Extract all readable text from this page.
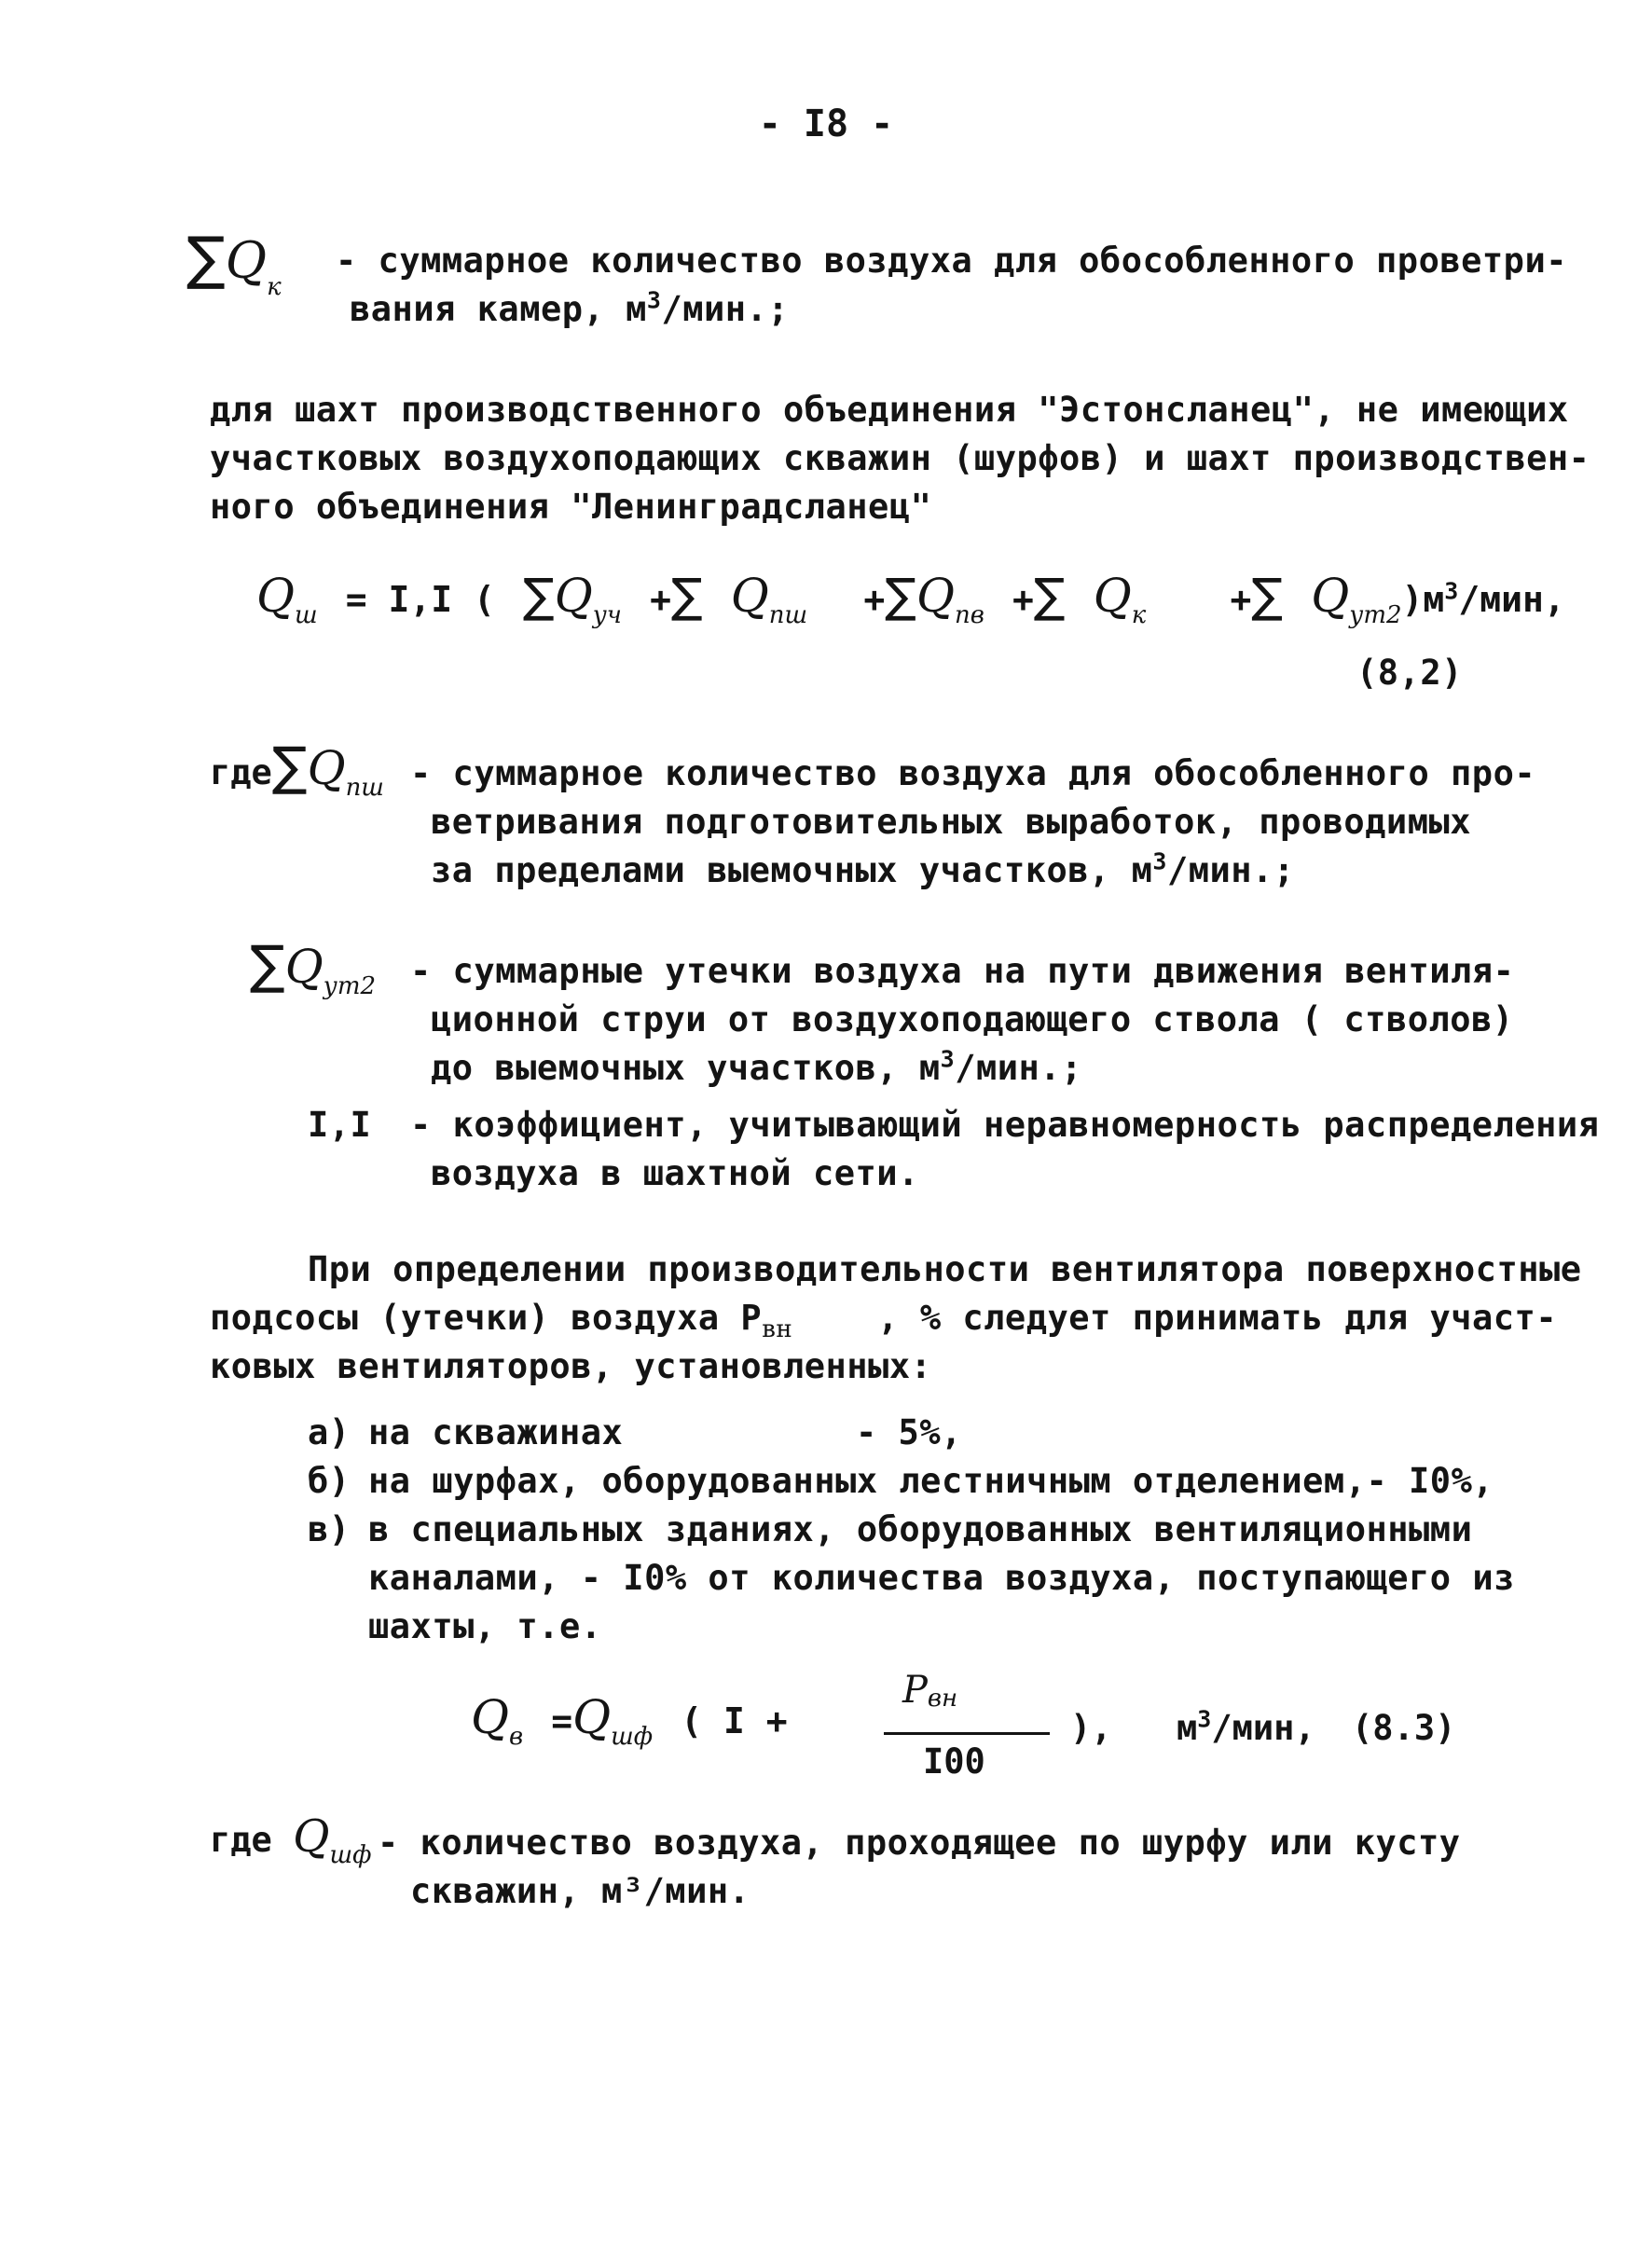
- I8 -
$\sum Q_к$
- суммарное количество воздуха для обособленного проветри-
вания камер, $м^3$/мин.;
для шахт производственного объединения "Эстонсланец", не имеющих
участковых воздухоподающих скважин (шурфов) и шахт производствен-
ного объединения "Ленинградсланец"
$Q_ш = I,I$ ( $\sum Q_{уч}$ +∑ $Q_{пш} +\sum Q_{пв}$ +∑ $Q_к$ +∑ $Q_{ут2})м^3$/мин,
(8,2)
$где\sum Q_{пш}$ - суммарное количество воздуха для обособленного про-
ветривания подготовительных выработок, проводимых
за пределами выемочных участков, $м^3$/мин.;
$\sum Q_{ут2}$ - суммарные утечки воздуха на пути движения вентиля-
ционной струи от воздухоподающего ствола ( стволов)
до выемочных участков, $м^3$/мин.;
I,I - коэффициент, учитывающий неравномерность распределения
воздуха в шахтной сети.
При определении производительности вентилятора поверхностные
подсосы (утечки) воздуха $P_{вн}$ , % следует принимать для участ-
ковых вентиляторов, установленных:
а) на скважинах	- 5%,
б) на шурфах, оборудованных лестничным отделением,- I0%,
в) в специальных зданиях, оборудованных вентиляционными
каналами, - I0% от количества воздуха, поступающего из
шахты, т.е.
$Q_в =Q_{шф}$ ( I +
Pвн
I00
), $м^3$/мин, (8.3)
где $Q_{шф}$ - количество воздуха, проходящее по шурфу или кусту
скважин, м³/мин.
